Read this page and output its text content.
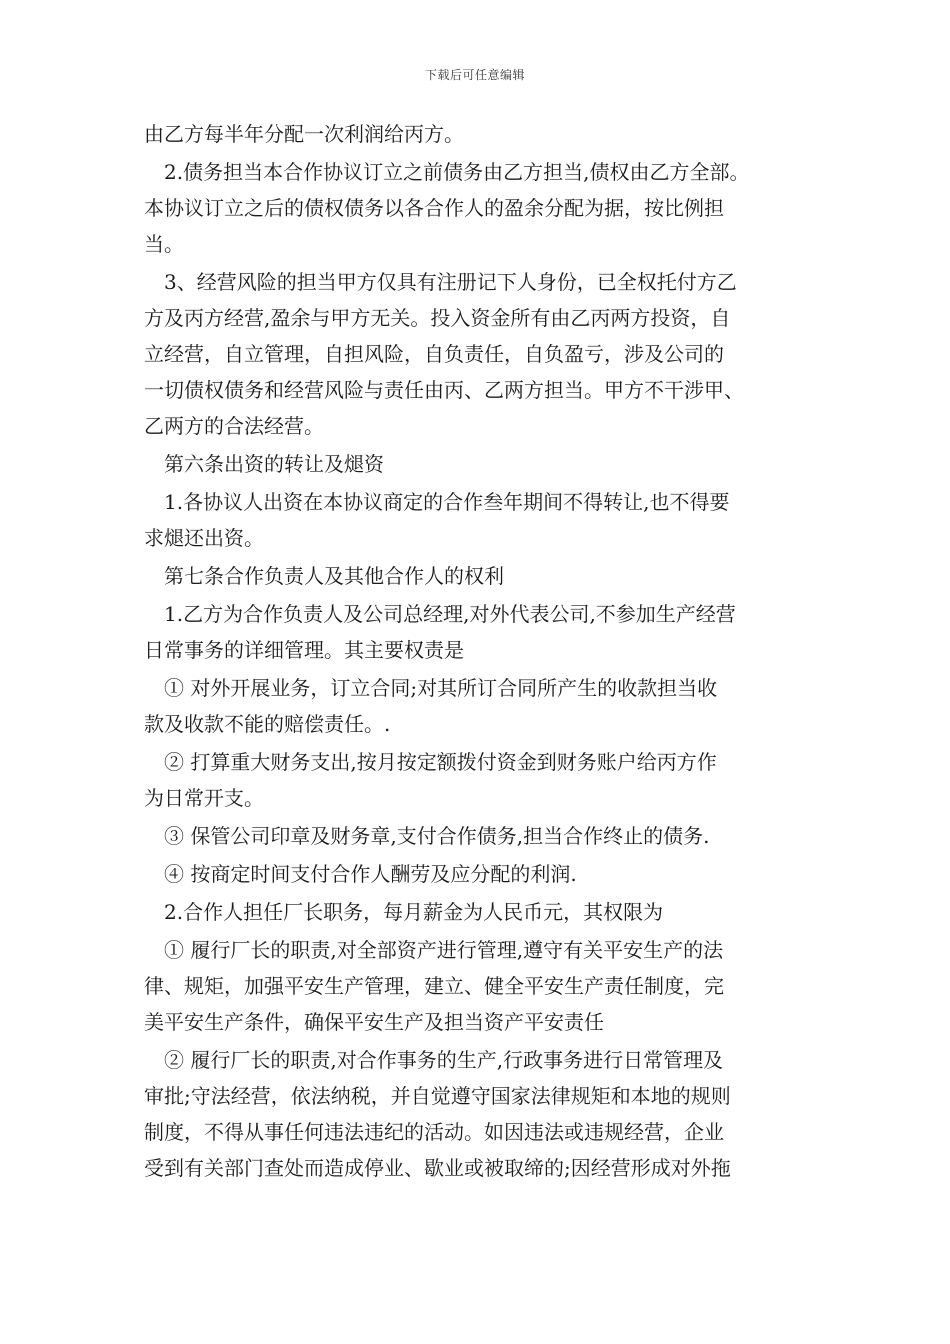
下载后可任意编辑
由乙方每半年分配一次利润给丙方。
　2.债务担当本合作协议订立之前债务由乙方担当,债权由乙方全部。
本协议订立之后的债权债务以各合作人的盈余分配为据，按比例担
当。
　3、经营风险的担当甲方仅具有注册记下人身份，已全权托付方乙
方及丙方经营,盈余与甲方无关。投入资金所有由乙丙两方投资，自
立经营，自立管理，自担风险，自负责任，自负盈亏，涉及公司的
一切债权债务和经营风险与责任由丙、乙两方担当。甲方不干涉甲、
乙两方的合法经营。
　第六条出资的转让及煺资
　1.各协议人出资在本协议商定的合作叁年期间不得转让,也不得要
求煺还出资。
　第七条合作负责人及其他合作人的权利
　1.乙方为合作负责人及公司总经理,对外代表公司,不参加生产经营
日常事务的详细管理。其主要权责是
　① 对外开展业务，订立合同;对其所订合同所产生的收款担当收
款及收款不能的赔偿责任。.
　② 打算重大财务支出,按月按定额拨付资金到财务账户给丙方作
为日常开支。
　③ 保管公司印章及财务章,支付合作债务,担当合作终止的债务.
　④ 按商定时间支付合作人酬劳及应分配的利润.
　2.合作人担任厂长职务，每月薪金为人民币元，其权限为
　① 履行厂长的职责,对全部资产进行管理,遵守有关平安生产的法
律、规矩，加强平安生产管理，建立、健全平安生产责任制度，完
美平安生产条件，确保平安生产及担当资产平安责任
　② 履行厂长的职责,对合作事务的生产,行政事务进行日常管理及
审批;守法经营，依法纳税，并自觉遵守国家法律规矩和本地的规则
制度，不得从事任何违法违纪的活动。如因违法或违规经营，企业
受到有关部门查处而造成停业、歇业或被取缔的;因经营形成对外拖
